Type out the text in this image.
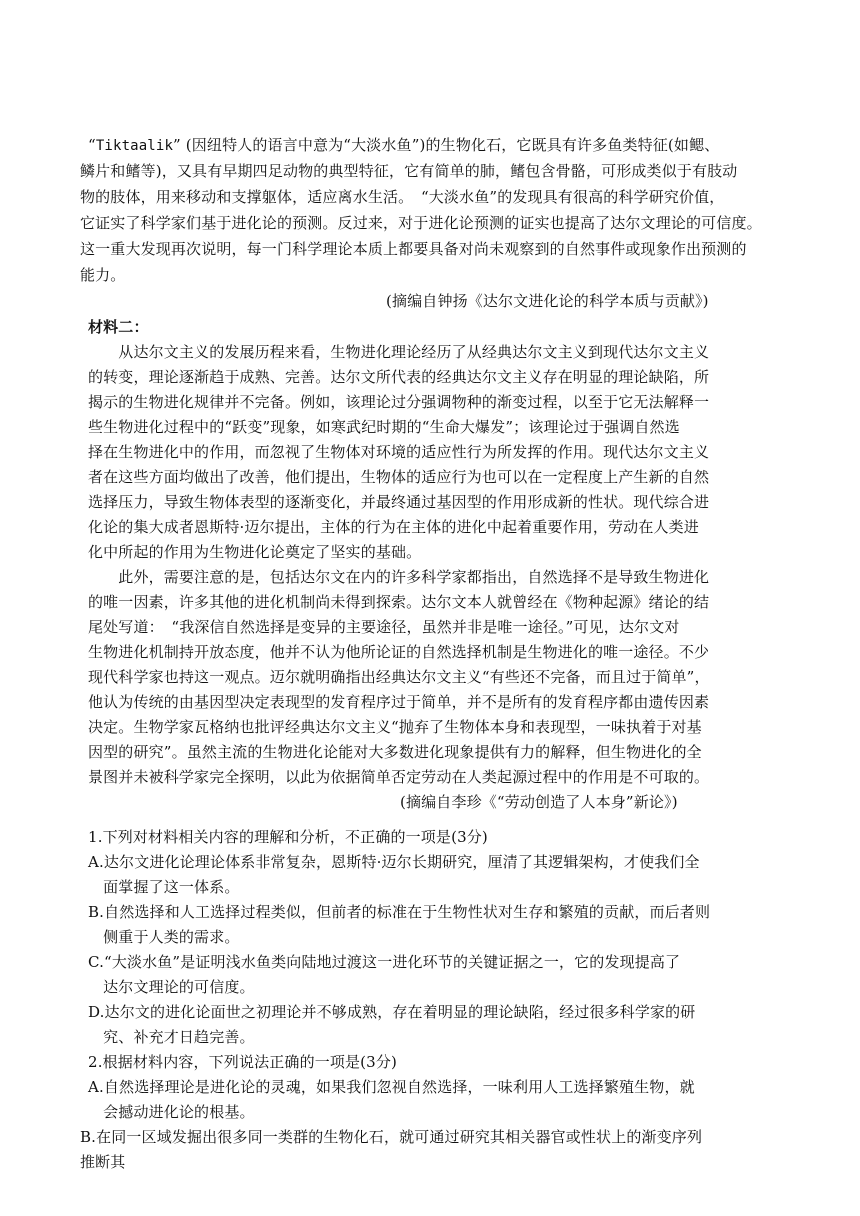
“Tiktaalik” (因纽特人的语言中意为“大淡水鱼”)的生物化石，它既具有许多鱼类特征(如鳃、
鳞片和鳍等)，又具有早期四足动物的典型特征，它有简单的肺，鳍包含骨骼，可形成类似于有肢动
物的肢体，用来移动和支撑躯体，适应离水生活。　“大淡水鱼”的发现具有很高的科学研究价值，
它证实了科学家们基于进化论的预测。反过来，对于进化论预测的证实也提高了达尔文理论的可信度。
这一重大发现再次说明，每一门科学理论本质上都要具备对尚未观察到的自然事件或现象作出预测的
能力。
(摘编自钟扬《达尔文进化论的科学本质与贡献》)
材料二：
　　从达尔文主义的发展历程来看，生物进化理论经历了从经典达尔文主义到现代达尔文主义
的转变，理论逐渐趋于成熟、完善。达尔文所代表的经典达尔文主义存在明显的理论缺陷，所
揭示的生物进化规律并不完备。例如，该理论过分强调物种的渐变过程，以至于它无法解释一
些生物进化过程中的“跃变”现象，如寒武纪时期的“生命大爆发”；该理论过于强调自然选
择在生物进化中的作用，而忽视了生物体对环境的适应性行为所发挥的作用。现代达尔文主义
者在这些方面均做出了改善，他们提出，生物体的适应行为也可以在一定程度上产生新的自然
选择压力，导致生物体表型的逐渐变化，并最终通过基因型的作用形成新的性状。现代综合进
化论的集大成者恩斯特·迈尔提出，主体的行为在主体的进化中起着重要作用，劳动在人类进
化中所起的作用为生物进化论奠定了坚实的基础。
　　此外，需要注意的是，包括达尔文在内的许多科学家都指出，自然选择不是导致生物进化
的唯一因素，许多其他的进化机制尚未得到探索。达尔文本人就曾经在《物种起源》绪论的结
尾处写道：　“我深信自然选择是变异的主要途径，虽然并非是唯一途径。”可见，达尔文对
生物进化机制持开放态度，他并不认为他所论证的自然选择机制是生物进化的唯一途径。不少
现代科学家也持这一观点。迈尔就明确指出经典达尔文主义“有些还不完备，而且过于简单”，
他认为传统的由基因型决定表现型的发育程序过于简单，并不是所有的发育程序都由遗传因素
决定。生物学家瓦格纳也批评经典达尔文主义“抛弃了生物体本身和表现型，一味执着于对基
因型的研究”。虽然主流的生物进化论能对大多数进化现象提供有力的解释，但生物进化的全
景图并未被科学家完全探明，以此为依据简单否定劳动在人类起源过程中的作用是不可取的。
(摘编自李珍《“劳动创造了人本身”新论》)
1.下列对材料相关内容的理解和分析，不正确的一项是(3分)
A.达尔文进化论理论体系非常复杂，恩斯特·迈尔长期研究，厘清了其逻辑架构，才使我们全
　面掌握了这一体系。
B.自然选择和人工选择过程类似，但前者的标准在于生物性状对生存和繁殖的贡献，而后者则
　侧重于人类的需求。
C.“大淡水鱼”是证明浅水鱼类向陆地过渡这一进化环节的关键证据之一，它的发现提高了
　达尔文理论的可信度。
D.达尔文的进化论面世之初理论并不够成熟，存在着明显的理论缺陷，经过很多科学家的研
　究、补充才日趋完善。
2.根据材料内容，下列说法正确的一项是(3分)
A.自然选择理论是进化论的灵魂，如果我们忽视自然选择，一味利用人工选择繁殖生物，就
　会撼动进化论的根基。
B.在同一区域发掘出很多同一类群的生物化石，就可通过研究其相关器官或性状上的渐变序列
推断其
